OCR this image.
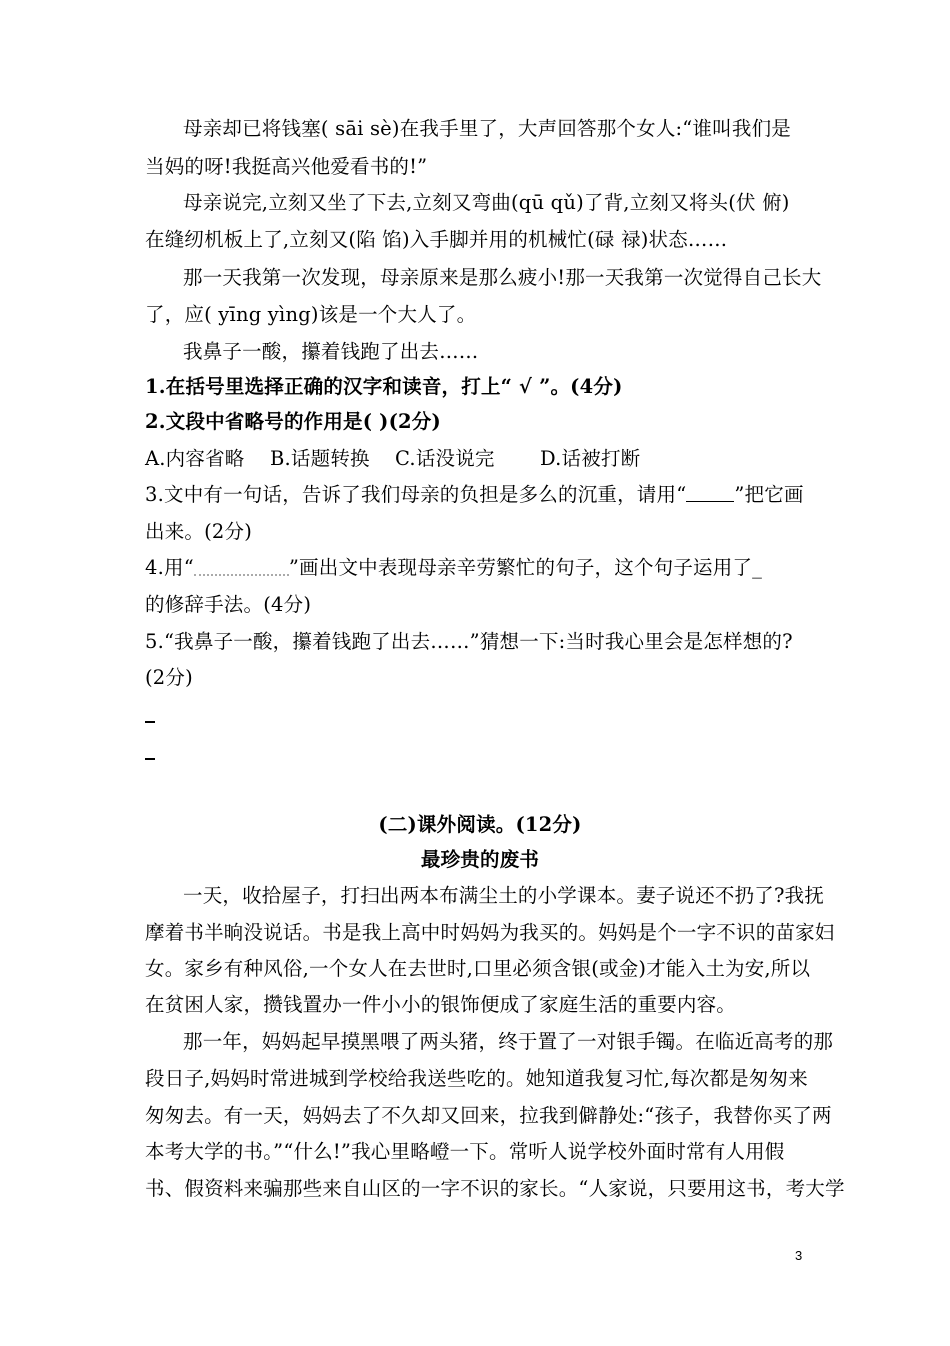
母亲却已将钱塞( sāi sè)在我手里了，大声回答那个女人:“谁叫我们是
当妈的呀!我挺高兴他爱看书的!”
母亲说完,立刻又坐了下去,立刻又弯曲(qū qǔ)了背,立刻又将头(伏 俯)
在缝纫机板上了,立刻又(陷 馅)入手脚并用的机械忙(碌 禄)状态……
那一天我第一次发现，母亲原来是那么疲小!那一天我第一次觉得自己长大
了，应( yīng yìng)该是一个大人了。
我鼻子一酸，攥着钱跑了出去……
1.在括号里选择正确的汉字和读音，打上“ √ ”。(4分)
2.文段中省略号的作用是( )(2分)
A.内容省略 B.话题转换 C.话没说完 D.话被打断
3.文中有一句话，告诉了我们母亲的负担是多么的沉重，请用“ ”把它画
出来。(2分)
4.用“	”画出文中表现母亲辛劳繁忙的句子，这个句子运用了_
的修辞手法。(4分)
5.“我鼻子一酸，攥着钱跑了出去……”猜想一下:当时我心里会是怎样想的?
(2分)
(二)课外阅读。(12分)
最珍贵的废书
一天，收拾屋子，打扫出两本布满尘土的小学课本。妻子说还不扔了?我抚
摩着书半晌没说话。书是我上高中时妈妈为我买的。妈妈是个一字不识的苗家妇
女。家乡有种风俗,一个女人在去世时,口里必须含银(或金)才能入土为安,所以
在贫困人家，攒钱置办一件小小的银饰便成了家庭生活的重要内容。
那一年，妈妈起早摸黑喂了两头猪，终于置了一对银手镯。在临近高考的那
段日子,妈妈时常进城到学校给我送些吃的。她知道我复习忙,每次都是匆匆来
匆匆去。有一天，妈妈去了不久却又回来，拉我到僻静处:“孩子，我替你买了两
本考大学的书。”“什么!”我心里略嶝一下。常听人说学校外面时常有人用假
书、假资料来骗那些来自山区的一字不识的家长。“人家说，只要用这书，考大学
3
